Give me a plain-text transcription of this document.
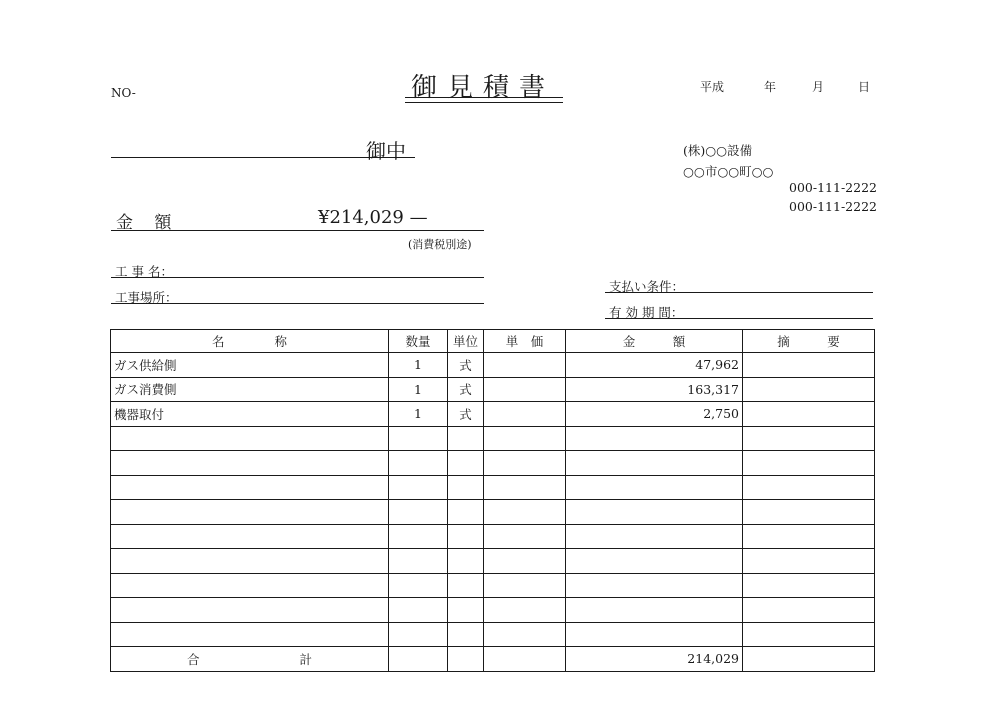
NO-	御見積書	平成	年	月	日
御中	(株)○○設備
○○市○○町○○
000-111-2222
000-111-2222
金 額	¥214,029 —
(消費税別途)
工 事 名：
工事場所：
支払い条件：
有 効 期 間：
名　　　　称	数量	単位	単　価	金　　　額	摘　　　要
ガス供給側	1	式		47,962	
ガス消費側	1	式		163,317	
機器取付	1	式		2,750	

合　　　　　　　　計				214,029	
